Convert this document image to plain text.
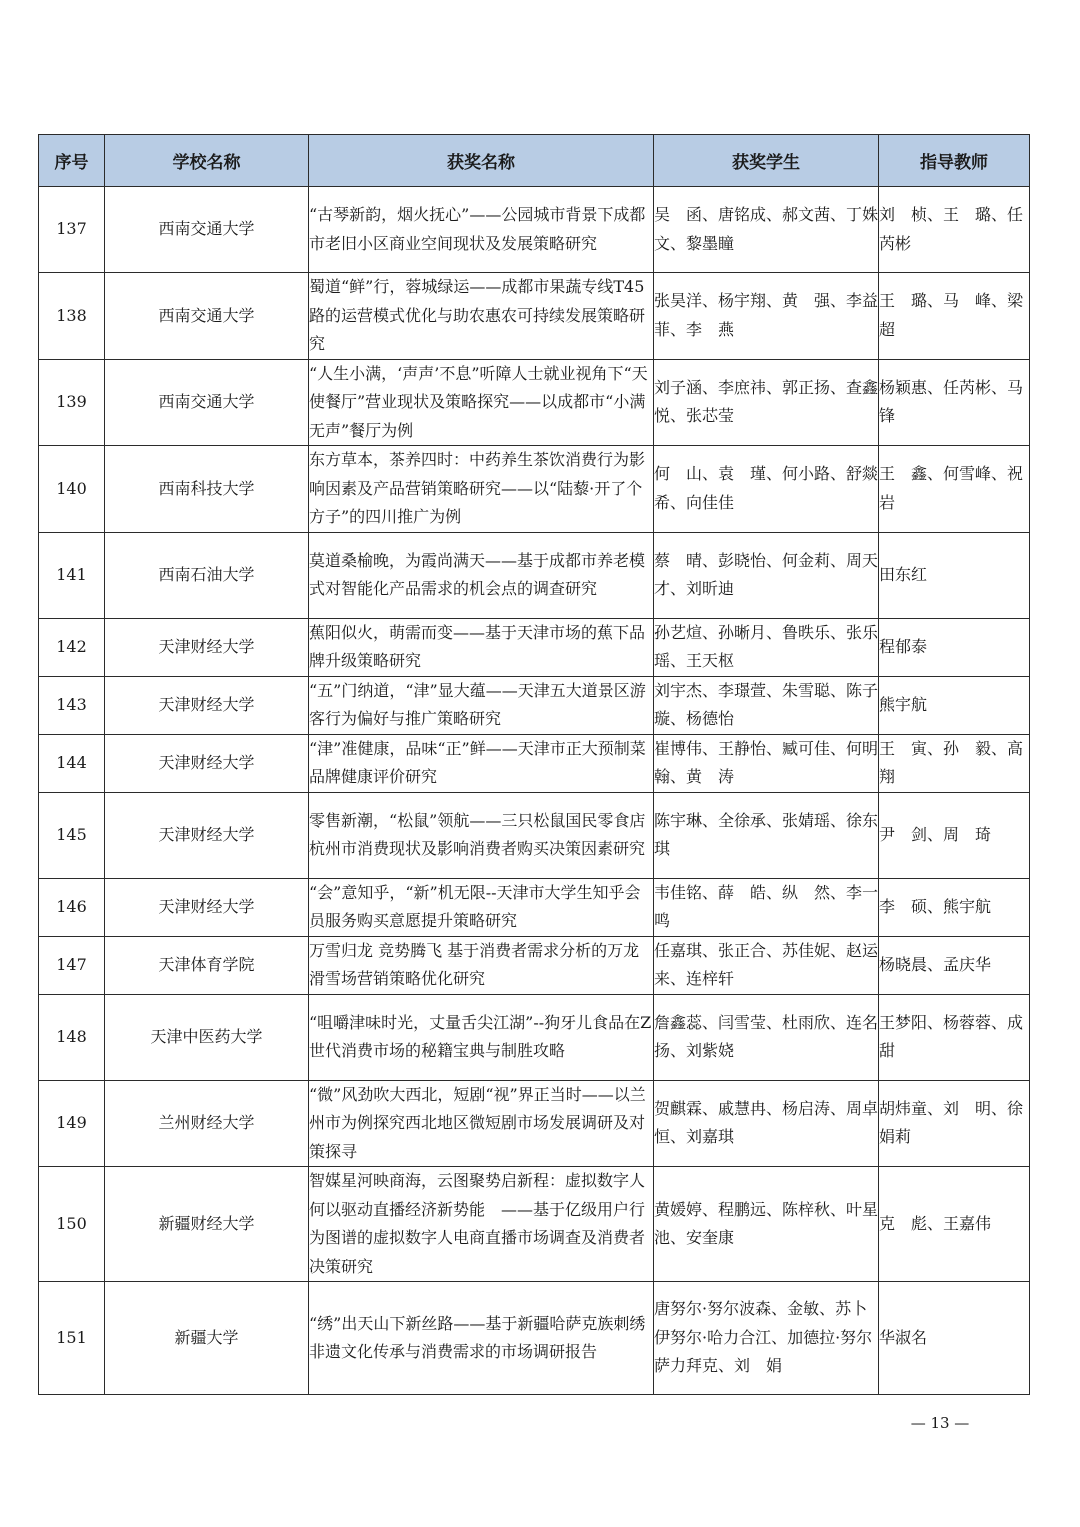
序号	学校名称	获奖名称	获奖学生	指导教师
137	西南交通大学	“古琴新韵，烟火抚心”——公园城市背景下成都市老旧小区商业空间现状及发展策略研究	吴　函、唐铭成、郝文茜、丁姝文、黎墨瞳	刘　桢、王　璐、任芮彬
138	西南交通大学	蜀道“鲜”行，蓉城绿运——成都市果蔬专线T45路的运营模式优化与助农惠农可持续发展策略研究	张昊洋、杨宇翔、黄　强、李益菲、李　燕	王　璐、马　峰、梁　超
139	西南交通大学	“人生小满，‘声声’不息”听障人士就业视角下“天使餐厅”营业现状及策略探究——以成都市“小满无声”餐厅为例	刘子涵、李庶祎、郭正扬、查鑫悦、张芯莹	杨颖惠、任芮彬、马　锋
140	西南科技大学	东方草本，茶养四时：中药养生茶饮消费行为影响因素及产品营销策略研究——以“陆藜·开了个方子”的四川推广为例	何　山、袁　瑾、何小路、舒燚希、向佳佳	王　鑫、何雪峰、祝　岩
141	西南石油大学	莫道桑榆晚，为霞尚满天——基于成都市养老模式对智能化产品需求的机会点的调查研究	蔡　晴、彭晓怡、何金莉、周天才、刘昕迪	田东红
142	天津财经大学	蕉阳似火，萌需而变——基于天津市场的蕉下品牌升级策略研究	孙艺煊、孙晰月、鲁昳乐、张乐瑶、王天枢	程郁泰
143	天津财经大学	“五”门纳道，“津”显大蕴——天津五大道景区游客行为偏好与推广策略研究	刘宇杰、李璟萱、朱雪聪、陈子璇、杨德怡	熊宇航
144	天津财经大学	“津”准健康，品味“正”鲜——天津市正大预制菜品牌健康评价研究	崔博伟、王静怡、臧可佳、何明翰、黄　涛	王　寅、孙　毅、高　翔
145	天津财经大学	零售新潮，“松鼠”领航——三只松鼠国民零食店杭州市消费现状及影响消费者购买决策因素研究	陈宇琳、全徐承、张婧瑶、徐东琪	尹　剑、周　琦
146	天津财经大学	“会”意知乎，“新”机无限--天津市大学生知乎会员服务购买意愿提升策略研究	韦佳铭、薛　皓、纵　然、李一鸣	李　硕、熊宇航
147	天津体育学院	万雪归龙 竞势腾飞 基于消费者需求分析的万龙滑雪场营销策略优化研究	任嘉琪、张正合、苏佳妮、赵运来、连梓轩	杨晓晨、孟庆华
148	天津中医药大学	“咀嚼津味时光，丈量舌尖江湖”--狗牙儿食品在Z世代消费市场的秘籍宝典与制胜攻略	詹鑫蕊、闫雪莹、杜雨欣、连名扬、刘紫娆	王梦阳、杨蓉蓉、成　甜
149	兰州财经大学	“微”风劲吹大西北，短剧“视”界正当时——以兰州市为例探究西北地区微短剧市场发展调研及对策探寻	贺麒霖、戚慧冉、杨启涛、周卓恒、刘嘉琪	胡炜童、刘　明、徐娟莉
150	新疆财经大学	智媒星河映商海，云图聚势启新程：虚拟数字人何以驱动直播经济新势能　——基于亿级用户行为图谱的虚拟数字人电商直播市场调查及消费者决策研究	黄媛婷、程鹏远、陈梓秋、叶星池、安奎康	克　彪、王嘉伟
151	新疆大学	“绣”出天山下新丝路——基于新疆哈萨克族刺绣非遗文化传承与消费需求的市场调研报告	唐努尔·努尔波森、金敏、苏卜伊努尔·哈力合江、加德拉·努尔萨力拜克、刘　娟	华淑名
— 13 —
